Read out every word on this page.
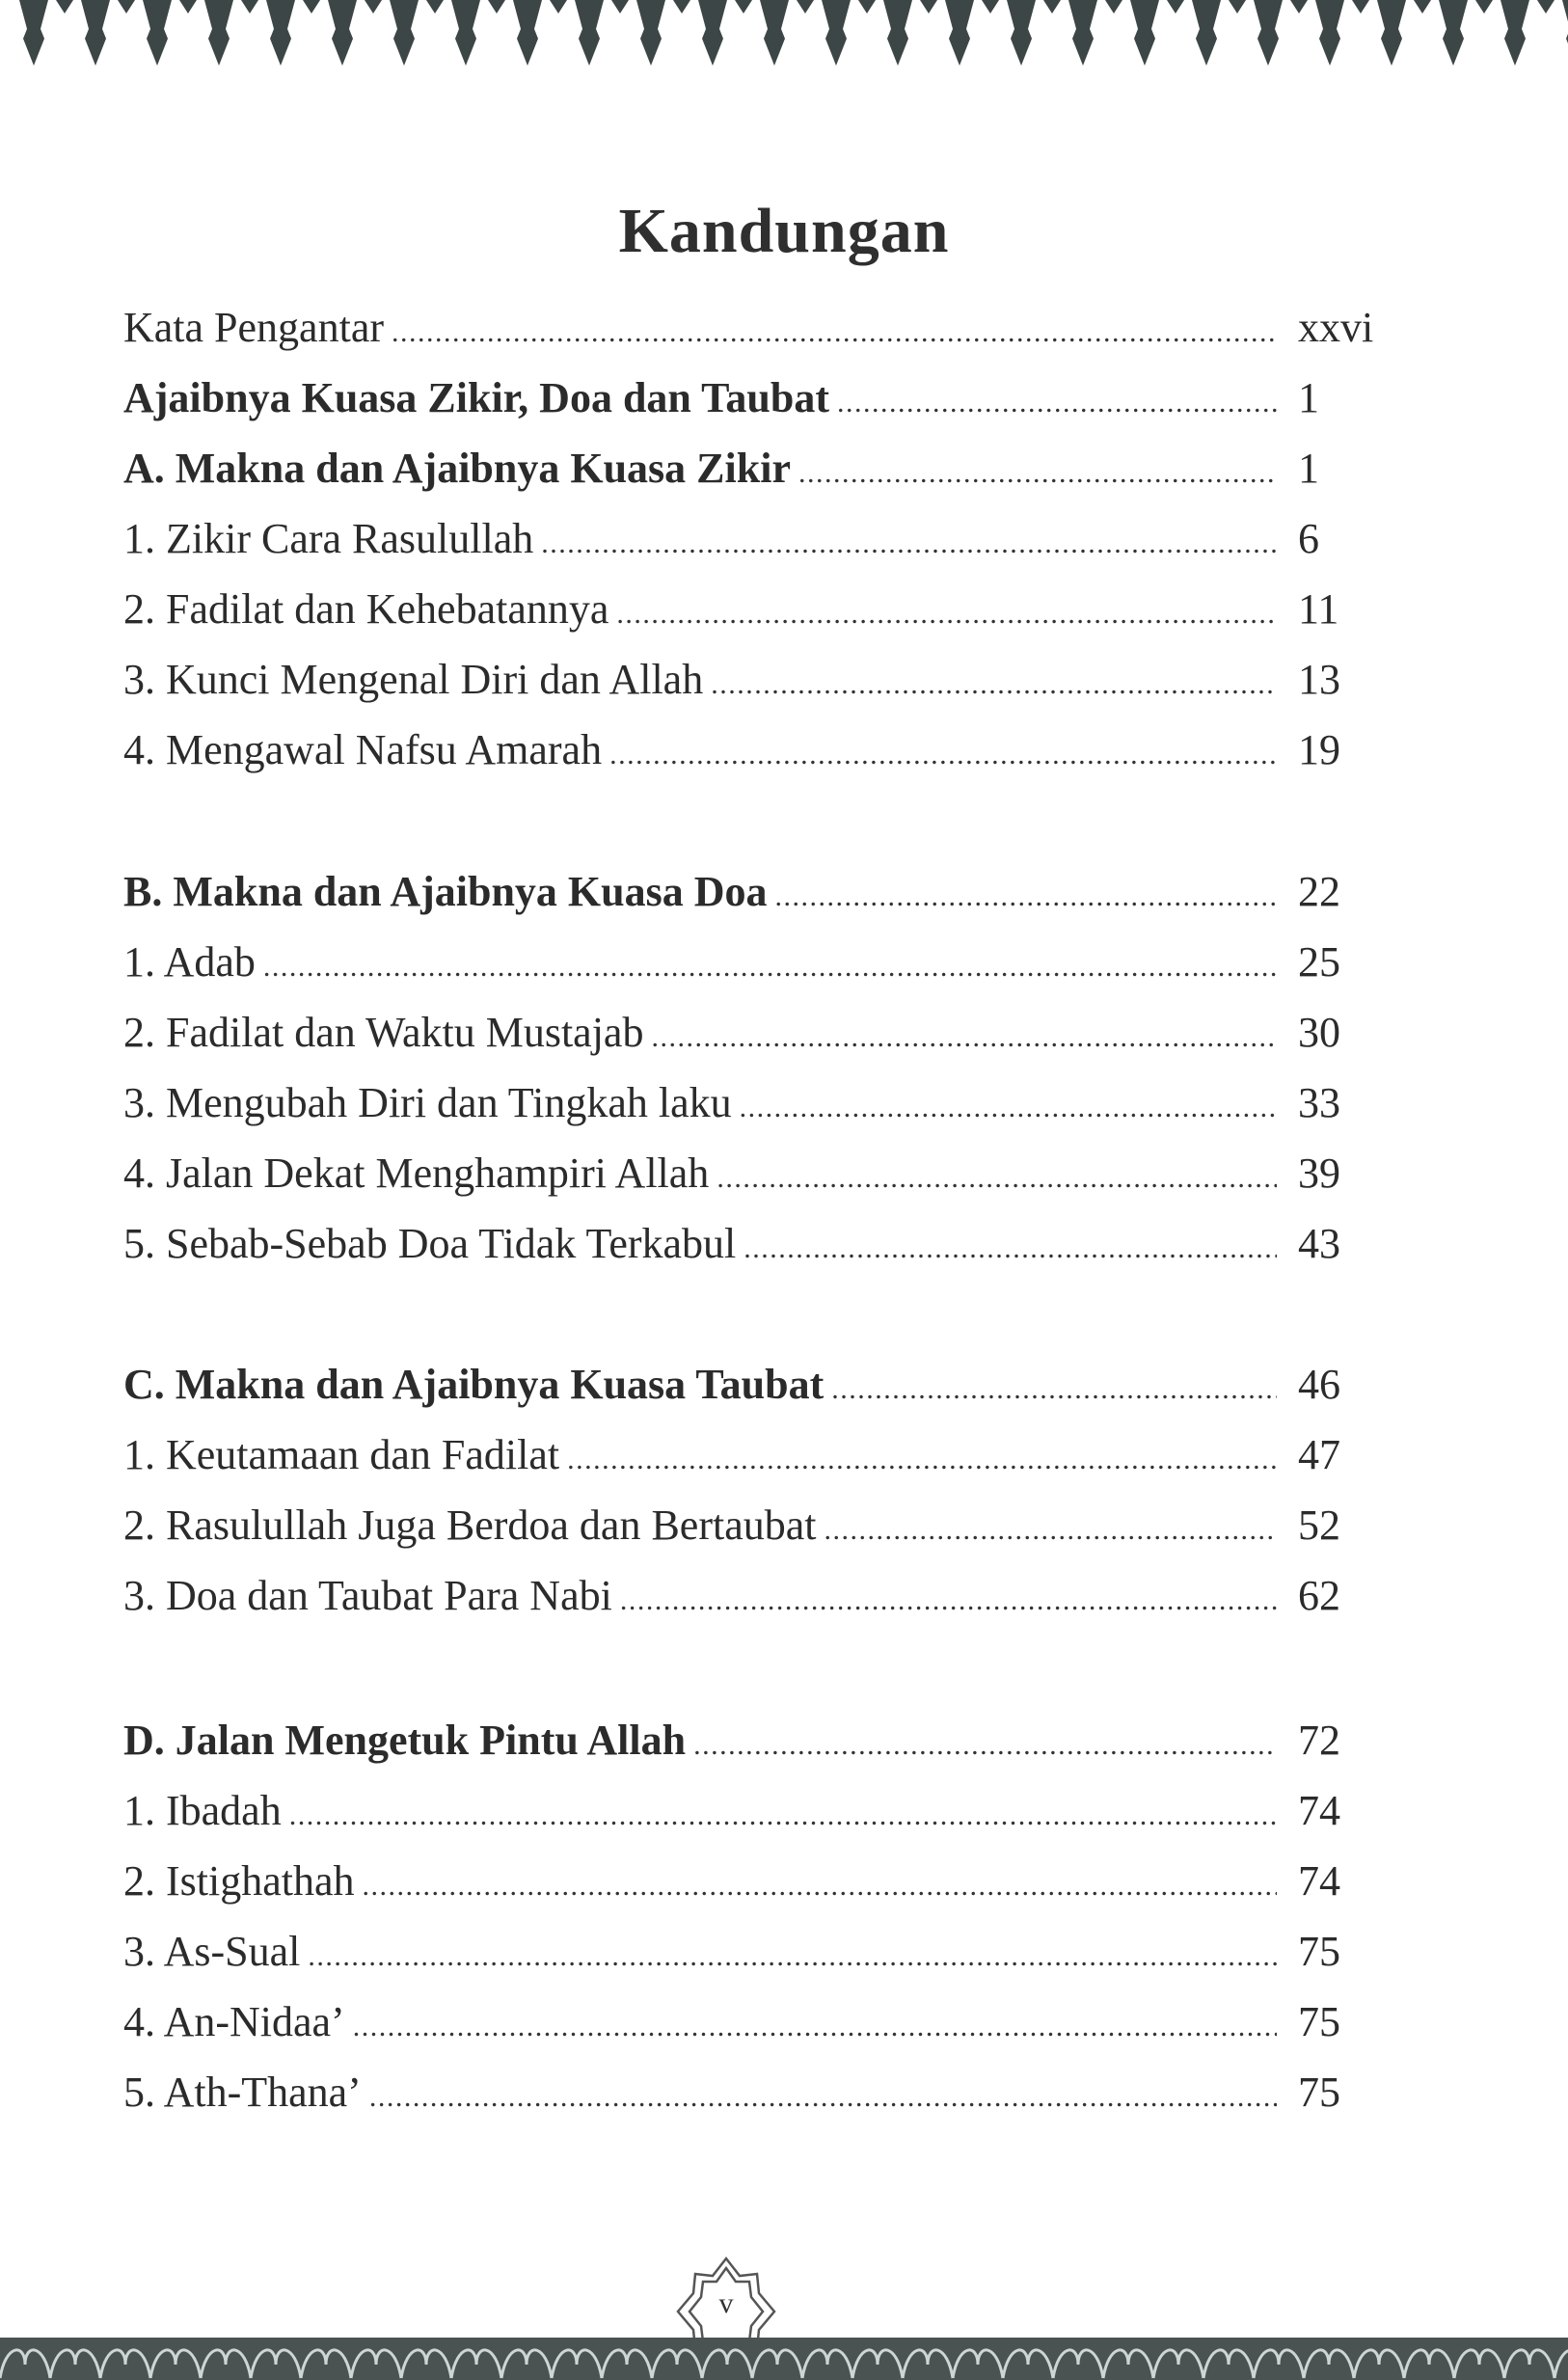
Kandungan
Kata Pengantar . . .	xxvi
Ajaibnya Kuasa Zikir, Doa dan Taubat . . .	1
A. Makna dan Ajaibnya Kuasa Zikir . . .	1
1. Zikir Cara Rasulullah . . .	6
2. Fadilat dan Kehebatannya . . .	11
3. Kunci Mengenal Diri dan Allah . . .	13
4. Mengawal Nafsu Amarah . . .	19
B. Makna dan Ajaibnya Kuasa Doa . . .	22
1. Adab . . .	25
2. Fadilat dan Waktu Mustajab . . .	30
3. Mengubah Diri dan Tingkah laku . . .	33
4. Jalan Dekat Menghampiri Allah . . .	39
5. Sebab-Sebab Doa Tidak Terkabul . . .	43
C. Makna dan Ajaibnya Kuasa Taubat . . .	46
1. Keutamaan dan Fadilat . . .	47
2. Rasulullah Juga Berdoa dan Bertaubat . . .	52
3. Doa dan Taubat Para Nabi . . .	62
D. Jalan Mengetuk Pintu Allah . . .	72
1. Ibadah . . .	74
2. Istighathah . . .	74
3. As-Sual . . .	75
4. An-Nidaa’ . . .	75
5. Ath-Thana’ . . .	75
v
